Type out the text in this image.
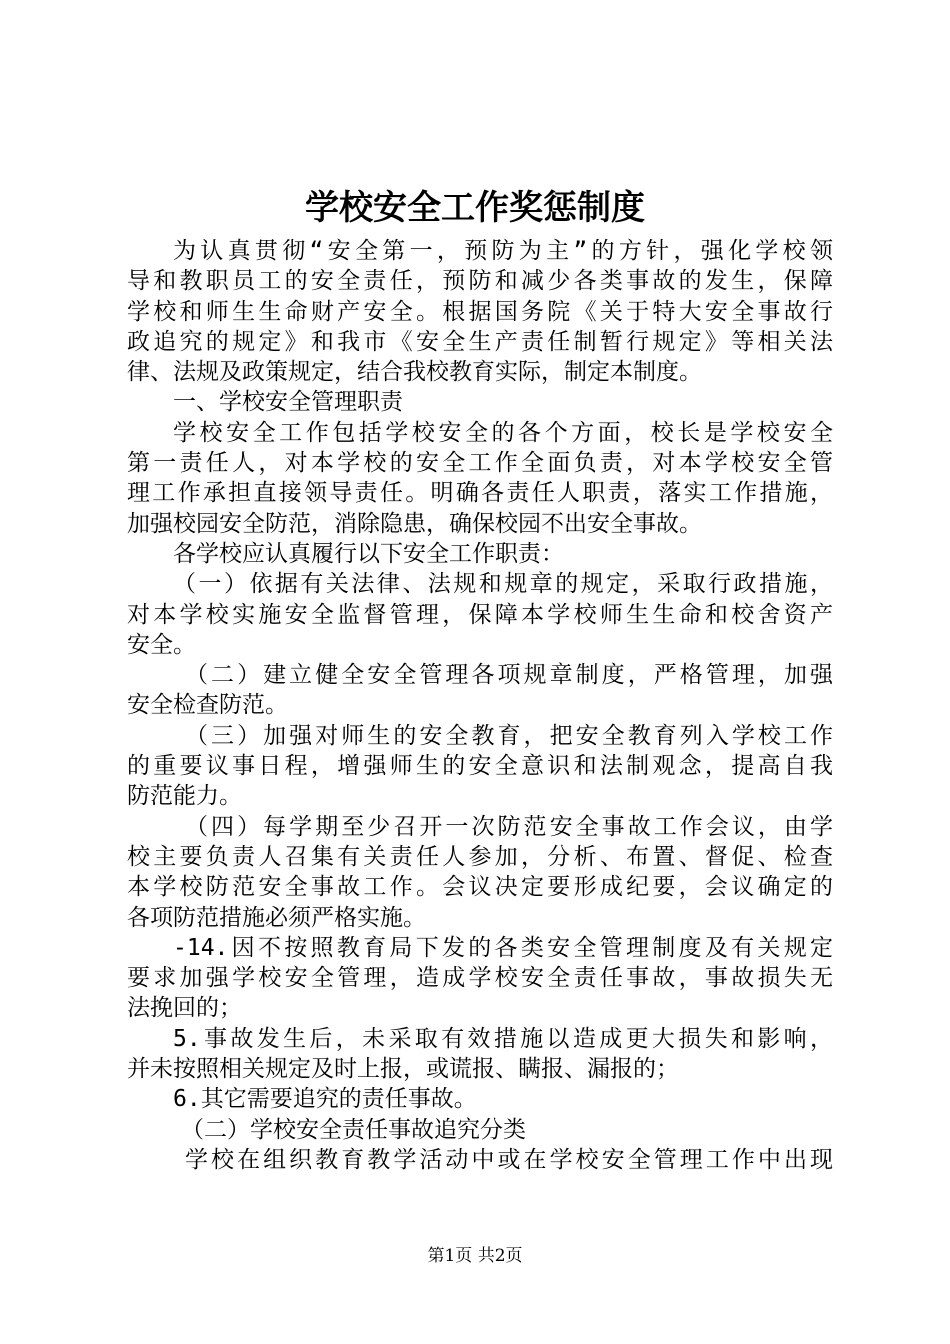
学校安全工作奖惩制度
为认真贯彻“安全第一，预防为主”的方针，强化学校领
导和教职员工的安全责任，预防和减少各类事故的发生，保障
学校和师生生命财产安全。根据国务院《关于特大安全事故行
政追究的规定》和我市《安全生产责任制暂行规定》等相关法
律、法规及政策规定，结合我校教育实际，制定本制度。
一、学校安全管理职责
学校安全工作包括学校安全的各个方面，校长是学校安全
第一责任人，对本学校的安全工作全面负责，对本学校安全管
理工作承担直接领导责任。明确各责任人职责，落实工作措施，
加强校园安全防范，消除隐患，确保校园不出安全事故。
各学校应认真履行以下安全工作职责：
（一）依据有关法律、法规和规章的规定，采取行政措施，
对本学校实施安全监督管理，保障本学校师生生命和校舍资产
安全。
（二）建立健全安全管理各项规章制度，严格管理，加强
安全检查防范。
（三）加强对师生的安全教育，把安全教育列入学校工作
的重要议事日程，增强师生的安全意识和法制观念，提高自我
防范能力。
（四）每学期至少召开一次防范安全事故工作会议，由学
校主要负责人召集有关责任人参加，分析、布置、督促、检查
本学校防范安全事故工作。会议决定要形成纪要，会议确定的
各项防范措施必须严格实施。
-14.因不按照教育局下发的各类安全管理制度及有关规定
要求加强学校安全管理，造成学校安全责任事故，事故损失无
法挽回的；
5.事故发生后，未采取有效措施以造成更大损失和影响，
并未按照相关规定及时上报，或谎报、瞒报、漏报的；
6.其它需要追究的责任事故。
（二）学校安全责任事故追究分类
学校在组织教育教学活动中或在学校安全管理工作中出现
第1页 共2页
